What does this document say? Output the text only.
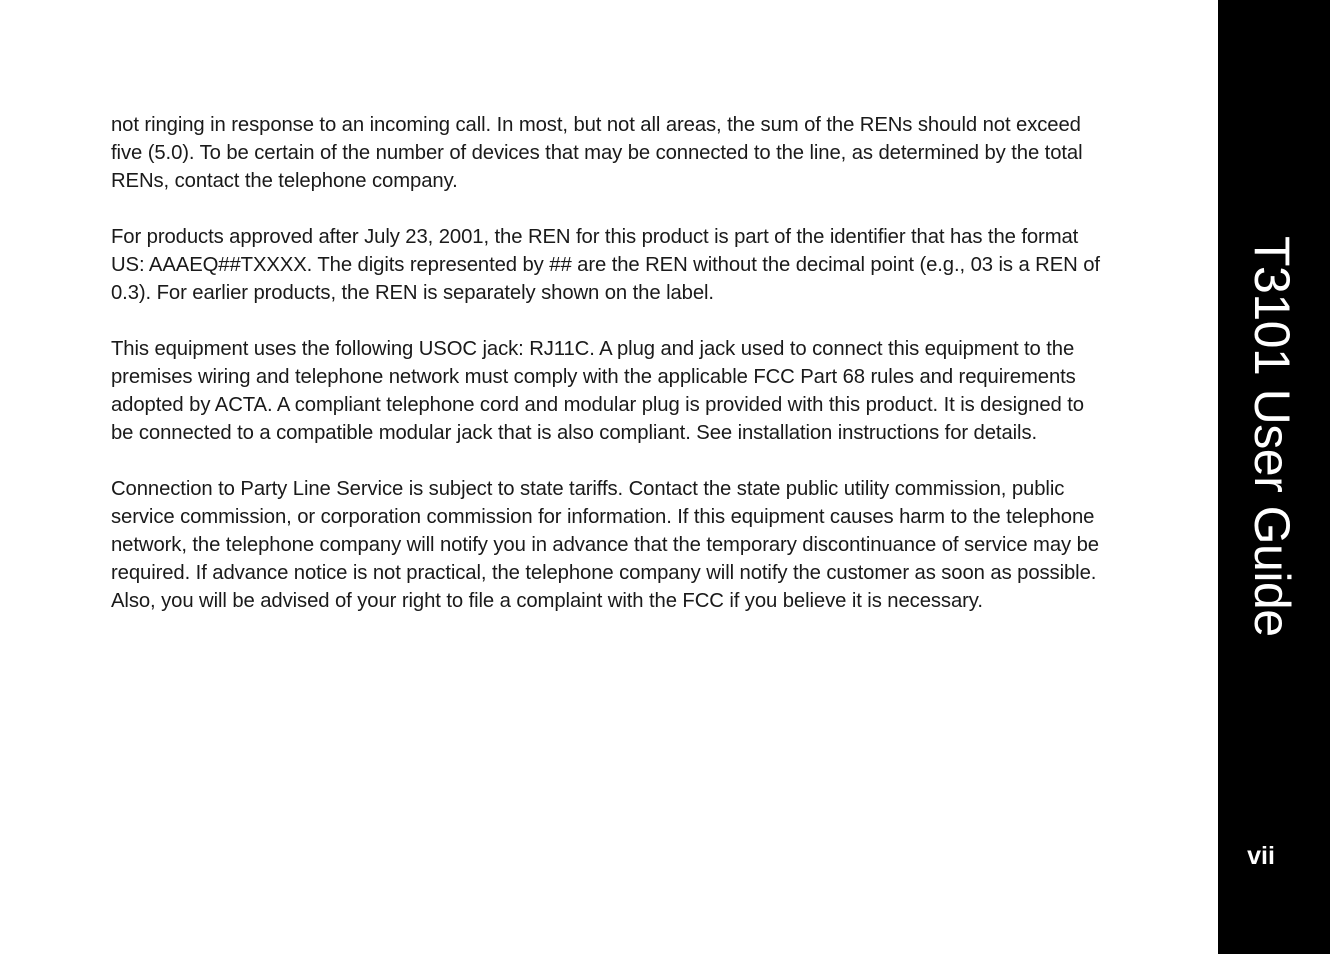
not ringing in response to an incoming call. In most, but not all areas, the sum of the RENs should not exceed five (5.0). To be certain of the number of devices that may be connected to the line, as determined by the total RENs, contact the telephone company.

For products approved after July 23, 2001, the REN for this product is part of the identifier that has the format US: AAAEQ##TXXXX. The digits represented by ## are the REN without the decimal point (e.g., 03 is a REN of 0.3). For earlier products, the REN is separately shown on the label.

This equipment uses the following USOC jack: RJ11C. A plug and jack used to connect this equipment to the premises wiring and telephone network must comply with the applicable FCC Part 68 rules and requirements adopted by ACTA. A compliant telephone cord and modular plug is provided with this product. It is designed to be connected to a compatible modular jack that is also compliant. See installation instructions for details.

Connection to Party Line Service is subject to state tariffs. Contact the state public utility commission, public service commission, or corporation commission for information. If this equipment causes harm to the telephone network, the telephone company will notify you in advance that the temporary discontinuance of service may be required. If advance notice is not practical, the telephone company will notify the customer as soon as possible. Also, you will be advised of your right to file a complaint with the FCC if you believe it is necessary.	T3101 User Guide
vii
